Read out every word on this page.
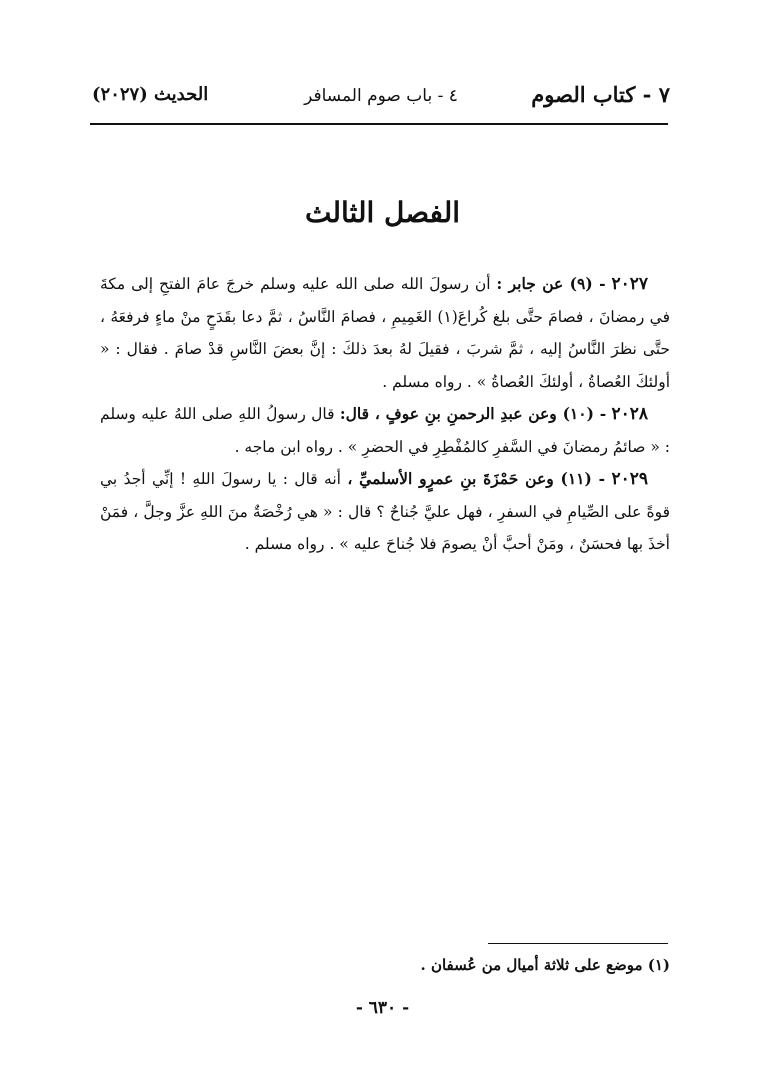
٧ - كتاب الصوم
٤ - باب صوم المسافر
الحديث (٢٠٢٧)
الفصل الثالث

٢٠٢٧ - (٩) عن جابر : أن رسولَ الله صلى الله عليه وسلم خرجَ عامَ الفتحِ إلى مكةَ في رمضانَ ، فصامَ حتَّى بلغ كُراعَ(١) الغَمِيمِ ، فصامَ النَّاسُ ، ثمَّ دعا بقَدَحٍ منْ ماءٍ فرفعَهُ ، حتَّى نظرَ النَّاسُ إليه ، ثمَّ شربَ ، فقيلَ لهُ بعدَ ذلكَ : إنَّ بعضَ النَّاسِ قدْ صامَ . فقال : « أولئكَ العُصاةُ ، أولئكَ العُصاةُ » . رواه مسلم .

٢٠٢٨ - (١٠) وعن عبدِ الرحمنِ بنِ عوفٍ ، قال: قال رسولُ اللهِ صلى اللهُ عليه وسلم : « صائمُ رمضانَ في السَّفرِ كالمُفْطِرِ في الحضرِ » . رواه ابن ماجه .

٢٠٢٩ - (١١) وعن حَمْزَةَ بنِ عمرٍو الأسلميِّ ، أنه قال : يا رسولَ اللهِ ! إنِّي أجدُ بي قوةً على الصِّيامِ في السفرِ ، فهل عليَّ جُناحٌ ؟ قال : « هي رُخْصَةٌ منَ اللهِ عزَّ وجلَّ ، فمَنْ أخذَ بها فحسَنٌ ، ومَنْ أحبَّ أنْ يصومَ فلا جُناحَ عليه » . رواه مسلم .

(١) موضع على ثلاثة أميال من عُسفان .
- ٦٣٠ -
